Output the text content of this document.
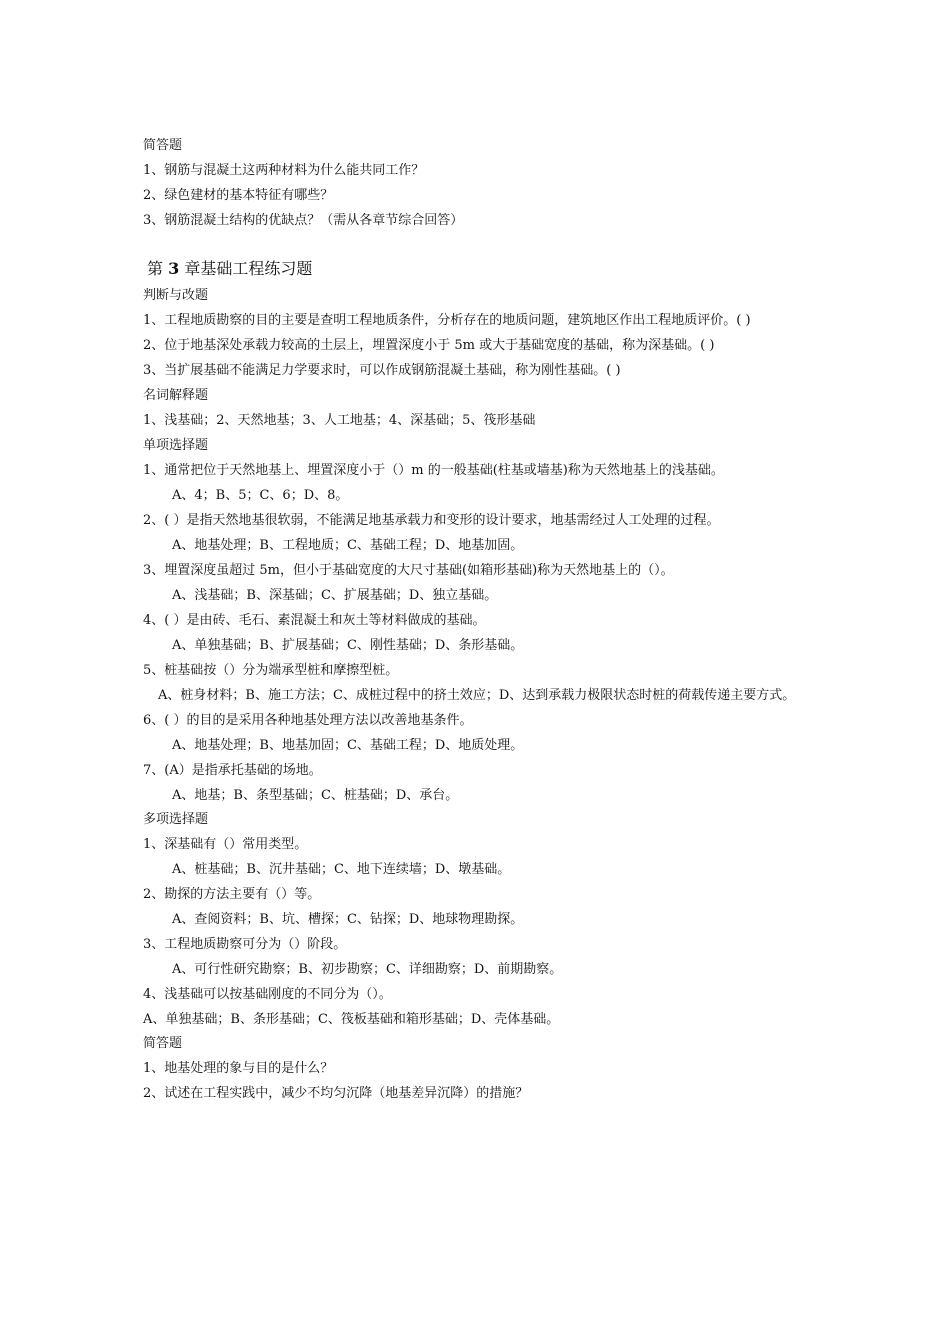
简答题
1、钢筋与混凝土这两种材料为什么能共同工作？
2、绿色建材的基本特征有哪些？
3、钢筋混凝土结构的优缺点？（需从各章节综合回答）
第 3 章基础工程练习题
判断与改题
1、工程地质勘察的目的主要是查明工程地质条件，分析存在的地质问题，建筑地区作出工程地质评价。( )
2、位于地基深处承载力较高的土层上，埋置深度小于 5m 或大于基础宽度的基础，称为深基础。( )
3、当扩展基础不能满足力学要求时，可以作成钢筋混凝土基础，称为刚性基础。( )
名词解释题
1、浅基础；2、天然地基；3、人工地基；4、深基础；5、筏形基础
单项选择题
1、通常把位于天然地基上、埋置深度小于（）m 的一般基础(柱基或墙基)称为天然地基上的浅基础。
A、4；B、5；C、6；D、8。
2、( ）是指天然地基很软弱，不能满足地基承载力和变形的设计要求，地基需经过人工处理的过程。
A、地基处理；B、工程地质；C、基础工程；D、地基加固。
3、埋置深度虽超过 5m，但小于基础宽度的大尺寸基础(如箱形基础)称为天然地基上的（）。
A、浅基础；B、深基础；C、扩展基础；D、独立基础。
4、( ）是由砖、毛石、素混凝土和灰土等材料做成的基础。
A、单独基础；B、扩展基础；C、刚性基础；D、条形基础。
5、桩基础按（）分为端承型桩和摩擦型桩。
A、桩身材料；B、施工方法；C、成桩过程中的挤土效应；D、达到承载力极限状态时桩的荷载传递主要方式。
6、( ）的目的是采用各种地基处理方法以改善地基条件。
A、地基处理；B、地基加固；C、基础工程；D、地质处理。
7、(A）是指承托基础的场地。
A、地基；B、条型基础；C、桩基础；D、承台。
多项选择题
1、深基础有（）常用类型。
A、桩基础；B、沉井基础；C、地下连续墙；D、墩基础。
2、勘探的方法主要有（）等。
A、查阅资料；B、坑、槽探；C、钻探；D、地球物理勘探。
3、工程地质勘察可分为（）阶段。
A、可行性研究勘察；B、初步勘察；C、详细勘察；D、前期勘察。
4、浅基础可以按基础刚度的不同分为（）。
A、单独基础；B、条形基础；C、筏板基础和箱形基础；D、壳体基础。
简答题
1、地基处理的象与目的是什么？
2、试述在工程实践中，减少不均匀沉降（地基差异沉降）的措施？
